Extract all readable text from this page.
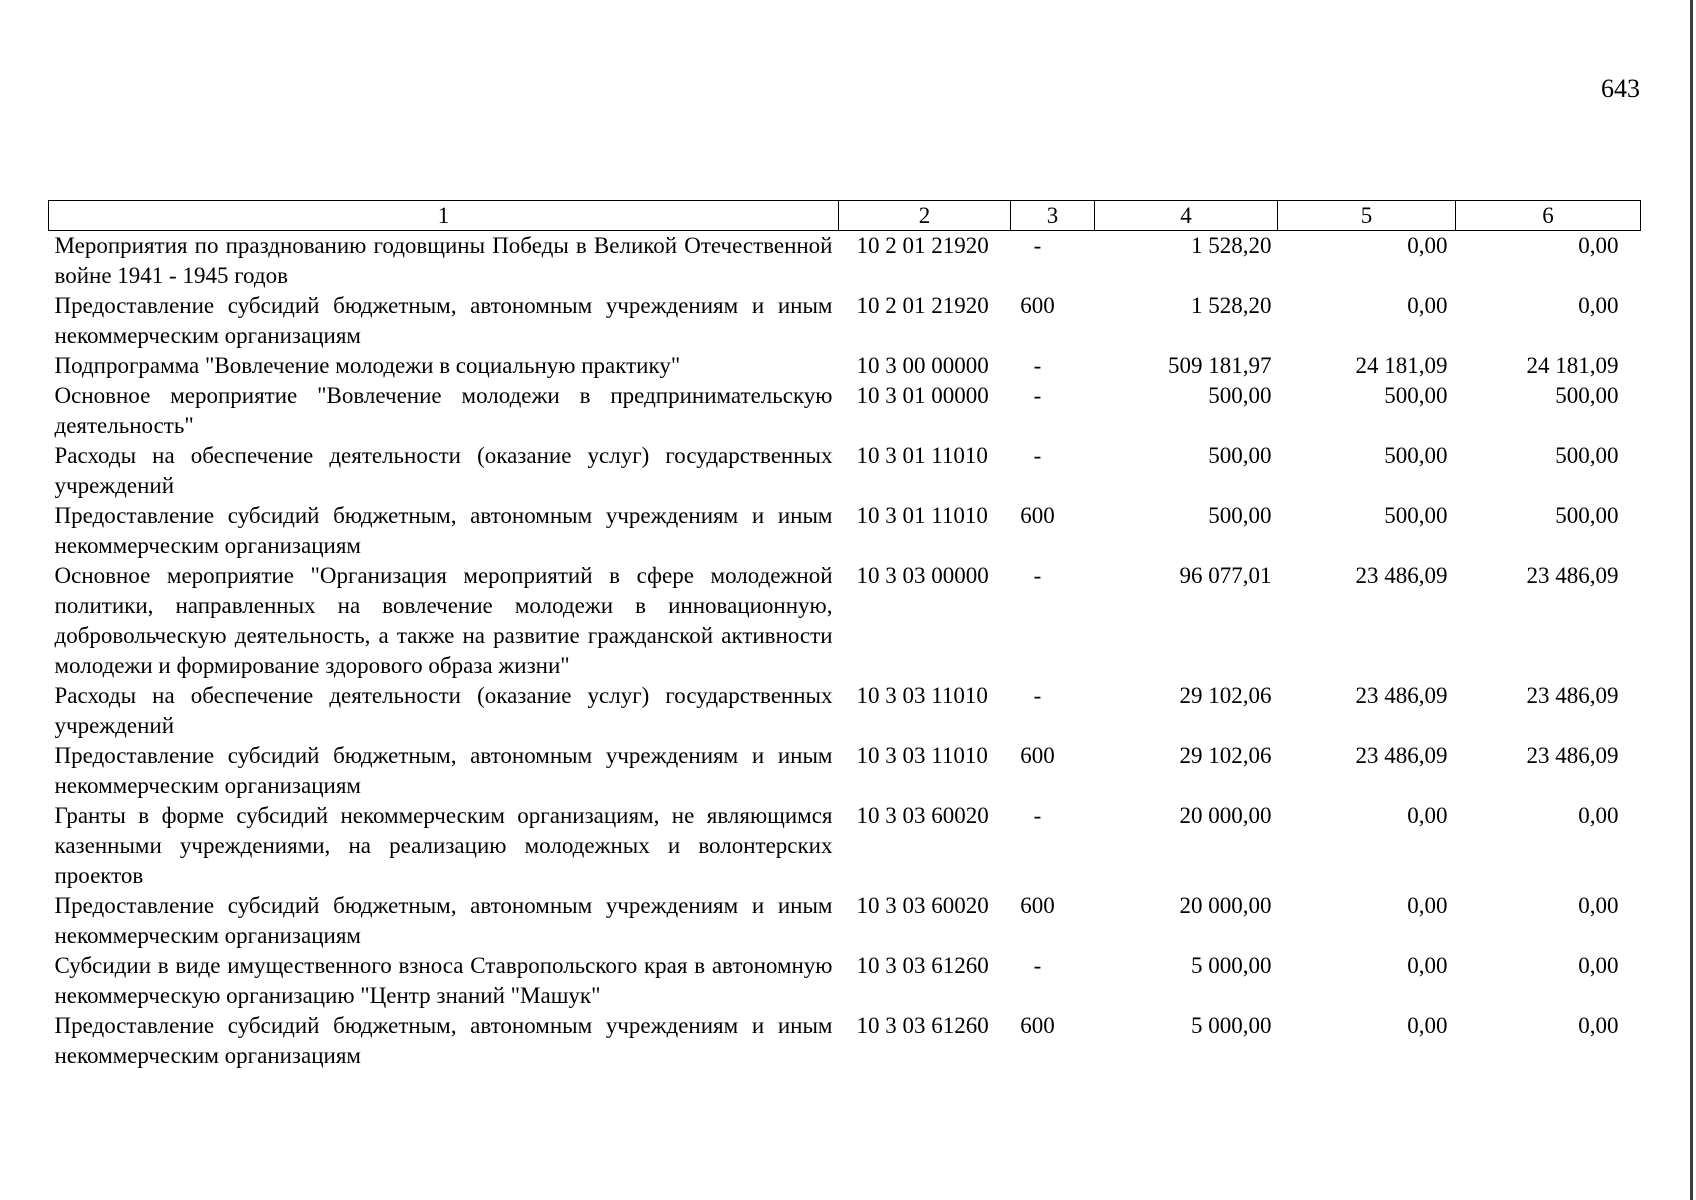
643
1	2	3	4	5	6
Мероприятия по празднованию годовщины Победы в Великой Отечественной войне 1941 - 1945 годов	10 2 01 21920	-	1 528,20	0,00	0,00
Предоставление субсидий бюджетным, автономным учреждениям и иным некоммерческим организациям	10 2 01 21920	600	1 528,20	0,00	0,00
Подпрограмма "Вовлечение молодежи в социальную практику"	10 3 00 00000	-	509 181,97	24 181,09	24 181,09
Основное мероприятие "Вовлечение молодежи в предпринимательскую деятельность"	10 3 01 00000	-	500,00	500,00	500,00
Расходы на обеспечение деятельности (оказание услуг) государственных учреждений	10 3 01 11010	-	500,00	500,00	500,00
Предоставление субсидий бюджетным, автономным учреждениям и иным некоммерческим организациям	10 3 01 11010	600	500,00	500,00	500,00
Основное мероприятие "Организация мероприятий в сфере молодежной политики, направленных на вовлечение молодежи в инновационную, добровольческую деятельность, а также на развитие гражданской активности молодежи и формирование здорового образа жизни"	10 3 03 00000	-	96 077,01	23 486,09	23 486,09
Расходы на обеспечение деятельности (оказание услуг) государственных учреждений	10 3 03 11010	-	29 102,06	23 486,09	23 486,09
Предоставление субсидий бюджетным, автономным учреждениям и иным некоммерческим организациям	10 3 03 11010	600	29 102,06	23 486,09	23 486,09
Гранты в форме субсидий некоммерческим организациям, не являющимся казенными учреждениями, на реализацию молодежных и волонтерских проектов	10 3 03 60020	-	20 000,00	0,00	0,00
Предоставление субсидий бюджетным, автономным учреждениям и иным некоммерческим организациям	10 3 03 60020	600	20 000,00	0,00	0,00
Субсидии в виде имущественного взноса Ставропольского края в автономную некоммерческую организацию "Центр знаний "Машук"	10 3 03 61260	-	5 000,00	0,00	0,00
Предоставление субсидий бюджетным, автономным учреждениям и иным некоммерческим организациям	10 3 03 61260	600	5 000,00	0,00	0,00
